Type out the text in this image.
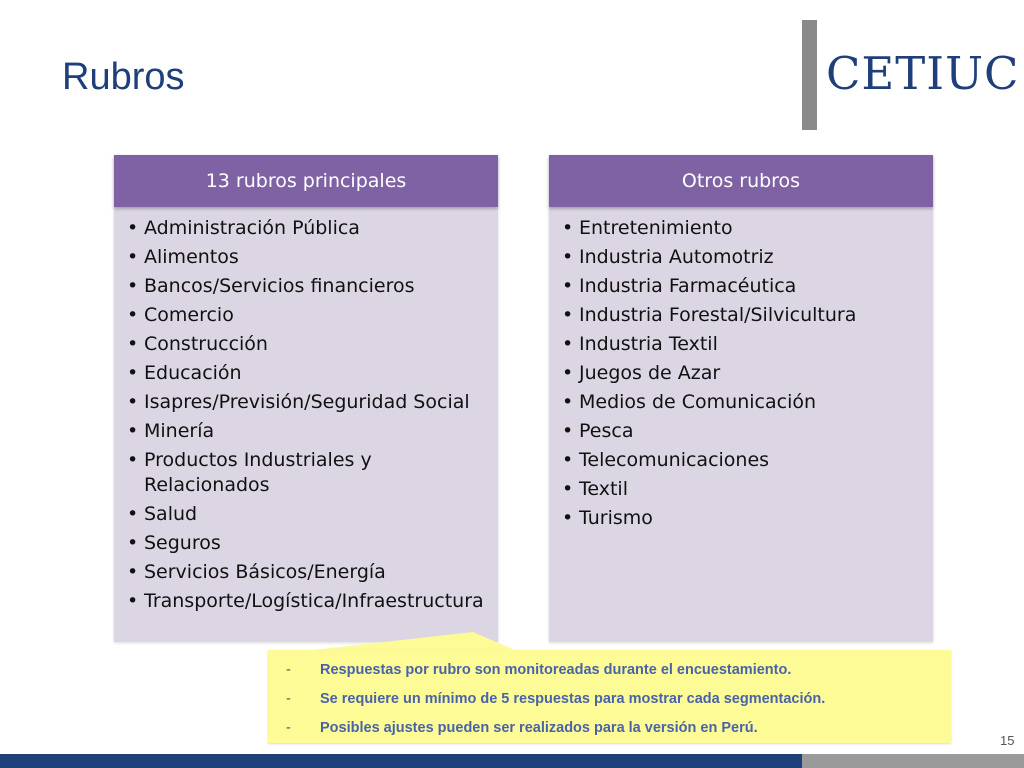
Rubros	CETIUC
13 rubros principales
• Administración Pública
• Alimentos
• Bancos/Servicios financieros
• Comercio
• Construcción
• Educación
• Isapres/Previsión/Seguridad Social
• Minería
• Productos Industriales y Relacionados
• Salud
• Seguros
• Servicios Básicos/Energía
• Transporte/Logística/Infraestructura
Otros rubros
• Entretenimiento
• Industria Automotriz
• Industria Farmacéutica
• Industria Forestal/Silvicultura
• Industria Textil
• Juegos de Azar
• Medios de Comunicación
• Pesca
• Telecomunicaciones
• Textil
• Turismo
- Respuestas por rubro son monitoreadas durante el encuestamiento.
- Se requiere un mínimo de 5 respuestas para mostrar cada segmentación.
- Posibles ajustes pueden ser realizados para la versión en Perú.
15
